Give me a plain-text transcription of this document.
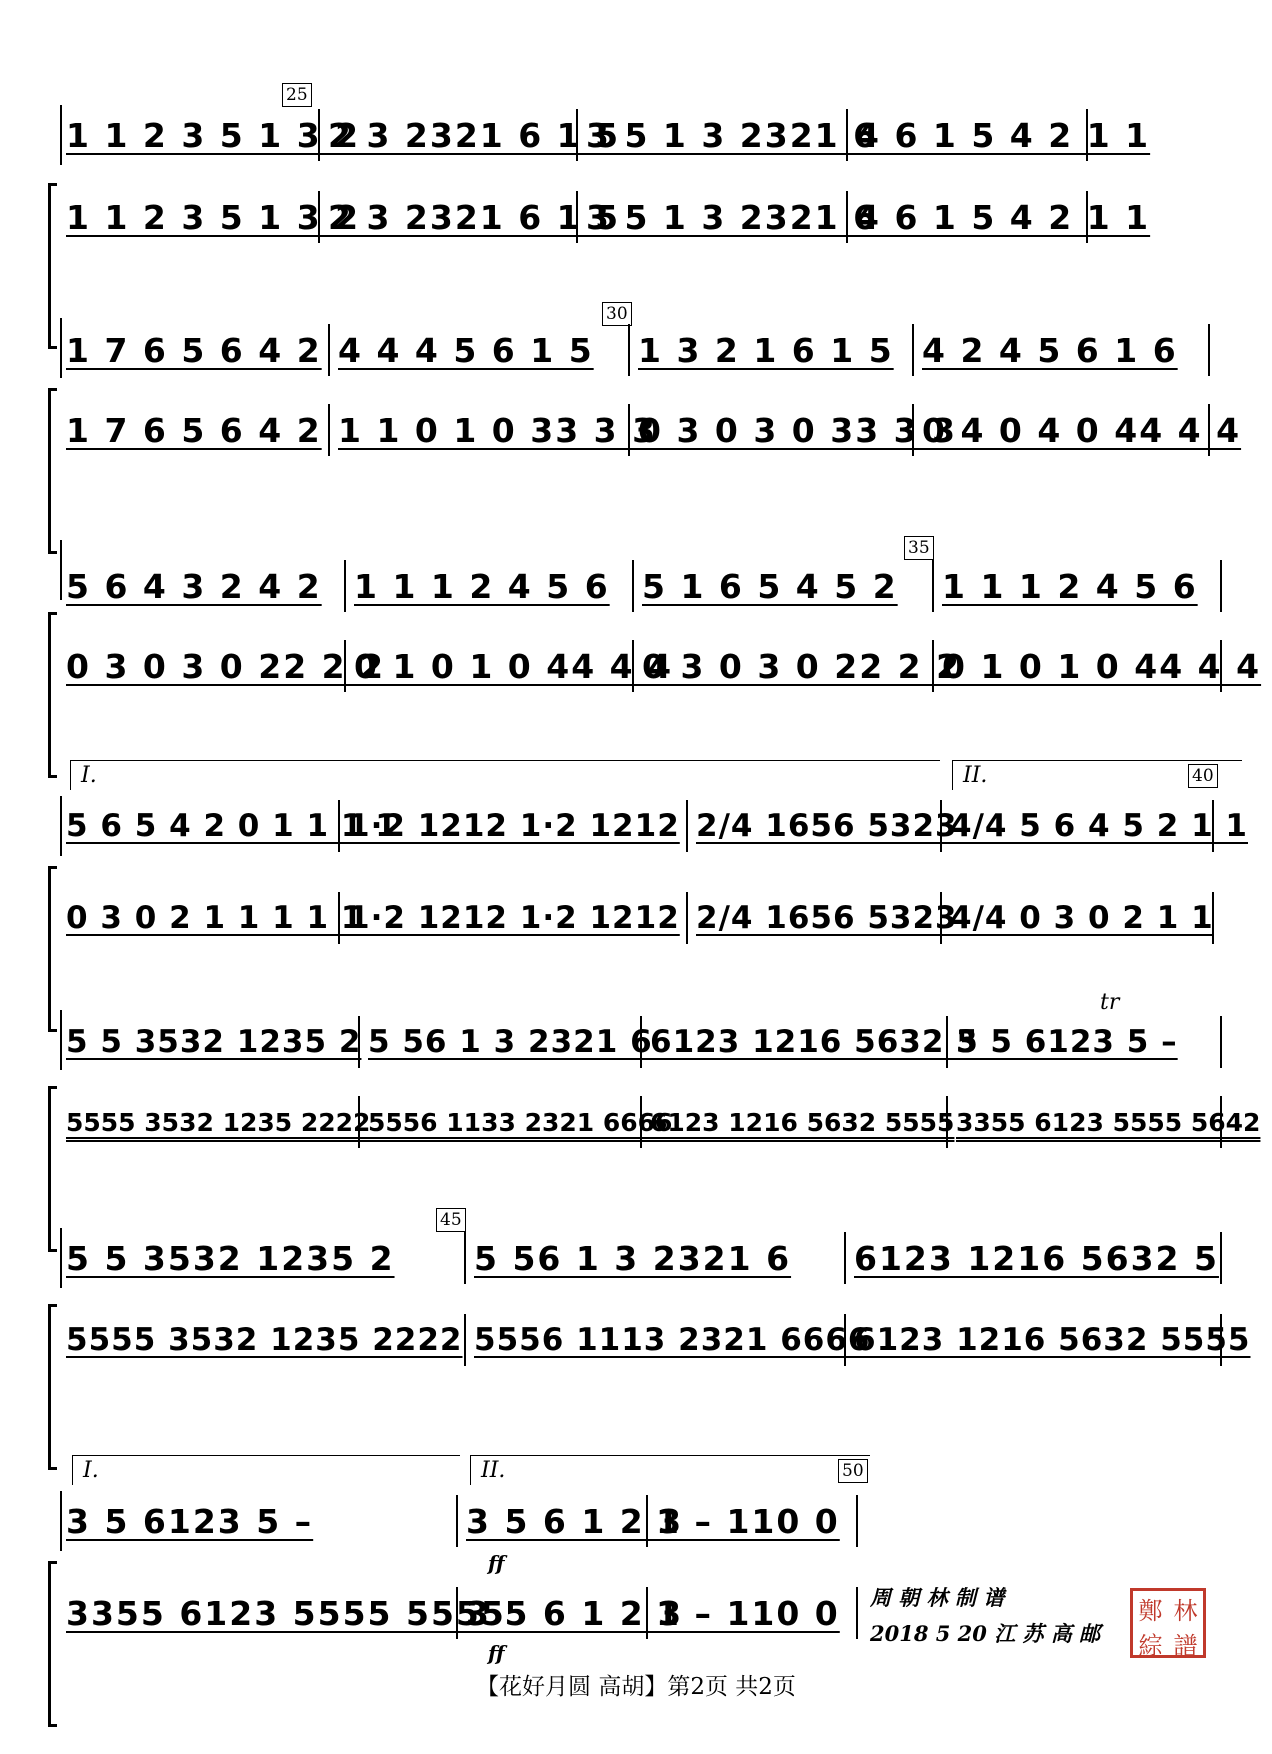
25
1 1 2 3 5 1 3 2
2 3 2321 6 1 5
3 5 1 3 2321 6
4 6 1 5 4 2 1 1
1 1 2 3 5 1 3 2
2 3 2321 6 1 5
3 5 1 3 2321 6
4 6 1 5 4 2 1 1
30
1 7 6 5 6 4 2 4 4 4 5 6 1 5 1 3 2 1 6 1 5 4 2 4 5 6 1 6
1 7 6 5 6 4 2 1 1 0 1 0 33 3 3
0 3 0 3 0 33 3 3
0 4 0 4 0 44 4 4
35
5 6 4 3 2 4 2 1 1 1 2 4 5 6 5 1 6 5 4 5 2 1 1 1 2 4 5 6
0 3 0 3 0 22 2 2
0 1 0 1 0 44 4 4
0 3 0 3 0 22 2 2
0 1 0 1 0 44 4 4
I.	II.	40
5 6 5 4 2 0 1 1 1 1
1·2 1212 1·2 1212 2/4 1656 5323
4/4 5 6 4 5 2 1 1
0 3 0 2 1 1 1 1 1
1·2 1212 1·2 1212 2/4 1656 5323
4/4 0 3 0 2 1 1
tr
5 5 3532 1235 2 5 56 1 3 2321 6
6123 1216 5632 5
3 5 6123 5 –
5555 3532 1235 2222
5556 1133 2321 6666
6123 1216 5632 5555 3355 6123 5555 5642
45
5 5 3532 1235 2 5 56 1 3 2321 6 6123 1216 5632 5
5555 3532 1235 2222 5556 1113 2321 6666
6123 1216 5632 5555
I.	II.	50
ff
ff
3 5 6123 5 –	3 5 6 1 2 3
1 – 110 0
3355 6123 5555 5555
3 5 6 1 2 3
1 – 110 0 周 朝 林 制 谱
2018 5 20 江 苏 高 邮
鄭 林
綜 譜
【花好月圆 高胡】第2页 共2页
